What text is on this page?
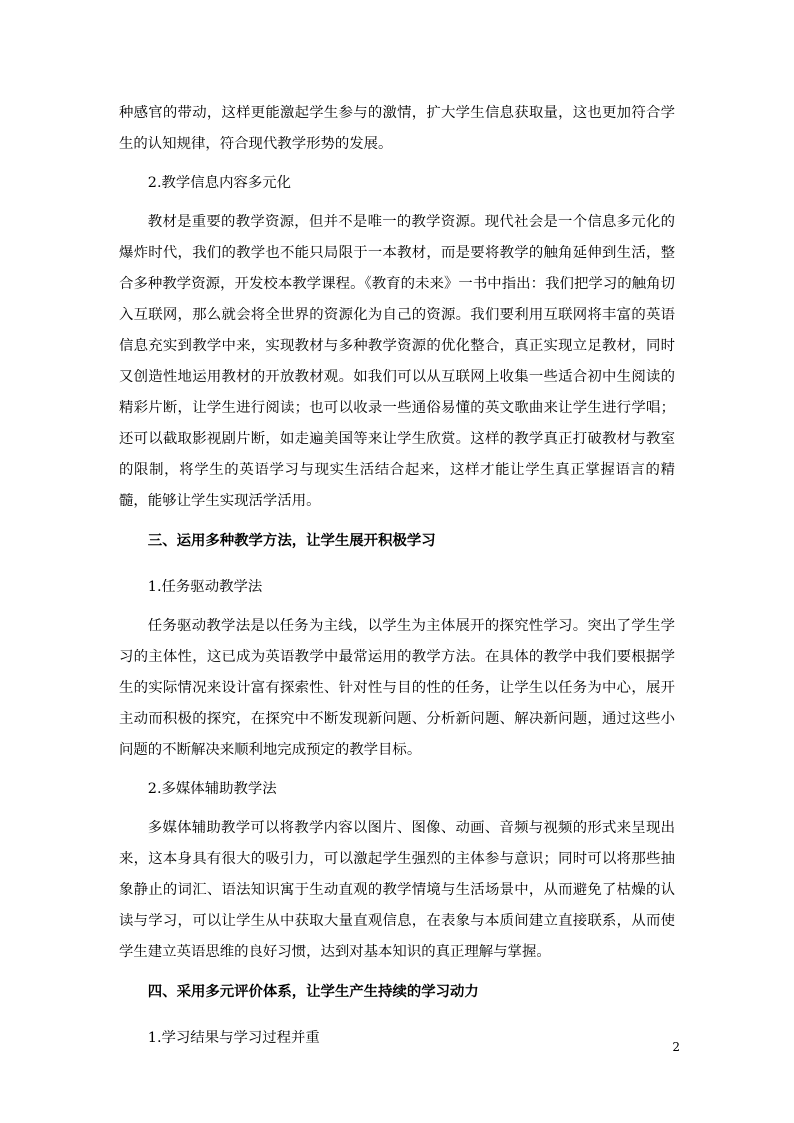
种感官的带动，这样更能激起学生参与的激情，扩大学生信息获取量，这也更加符合学生的认知规律，符合现代教学形势的发展。

2.教学信息内容多元化

教材是重要的教学资源，但并不是唯一的教学资源。现代社会是一个信息多元化的爆炸时代，我们的教学也不能只局限于一本教材，而是要将教学的触角延伸到生活，整合多种教学资源，开发校本教学课程。《教育的未来》一书中指出：我们把学习的触角切入互联网，那么就会将全世界的资源化为自己的资源。我们要利用互联网将丰富的英语信息充实到教学中来，实现教材与多种教学资源的优化整合，真正实现立足教材，同时又创造性地运用教材的开放教材观。如我们可以从互联网上收集一些适合初中生阅读的精彩片断，让学生进行阅读；也可以收录一些通俗易懂的英文歌曲来让学生进行学唱；还可以截取影视剧片断，如走遍美国等来让学生欣赏。这样的教学真正打破教材与教室的限制，将学生的英语学习与现实生活结合起来，这样才能让学生真正掌握语言的精髓，能够让学生实现活学活用。

三、运用多种教学方法，让学生展开积极学习

1.任务驱动教学法

任务驱动教学法是以任务为主线，以学生为主体展开的探究性学习。突出了学生学习的主体性，这已成为英语教学中最常运用的教学方法。在具体的教学中我们要根据学生的实际情况来设计富有探索性、针对性与目的性的任务，让学生以任务为中心，展开主动而积极的探究，在探究中不断发现新问题、分析新问题、解决新问题，通过这些小问题的不断解决来顺利地完成预定的教学目标。

2.多媒体辅助教学法

多媒体辅助教学可以将教学内容以图片、图像、动画、音频与视频的形式来呈现出来，这本身具有很大的吸引力，可以激起学生强烈的主体参与意识；同时可以将那些抽象静止的词汇、语法知识寓于生动直观的教学情境与生活场景中，从而避免了枯燥的认读与学习，可以让学生从中获取大量直观信息，在表象与本质间建立直接联系，从而使学生建立英语思维的良好习惯，达到对基本知识的真正理解与掌握。

四、采用多元评价体系，让学生产生持续的学习动力

1.学习结果与学习过程并重

2
